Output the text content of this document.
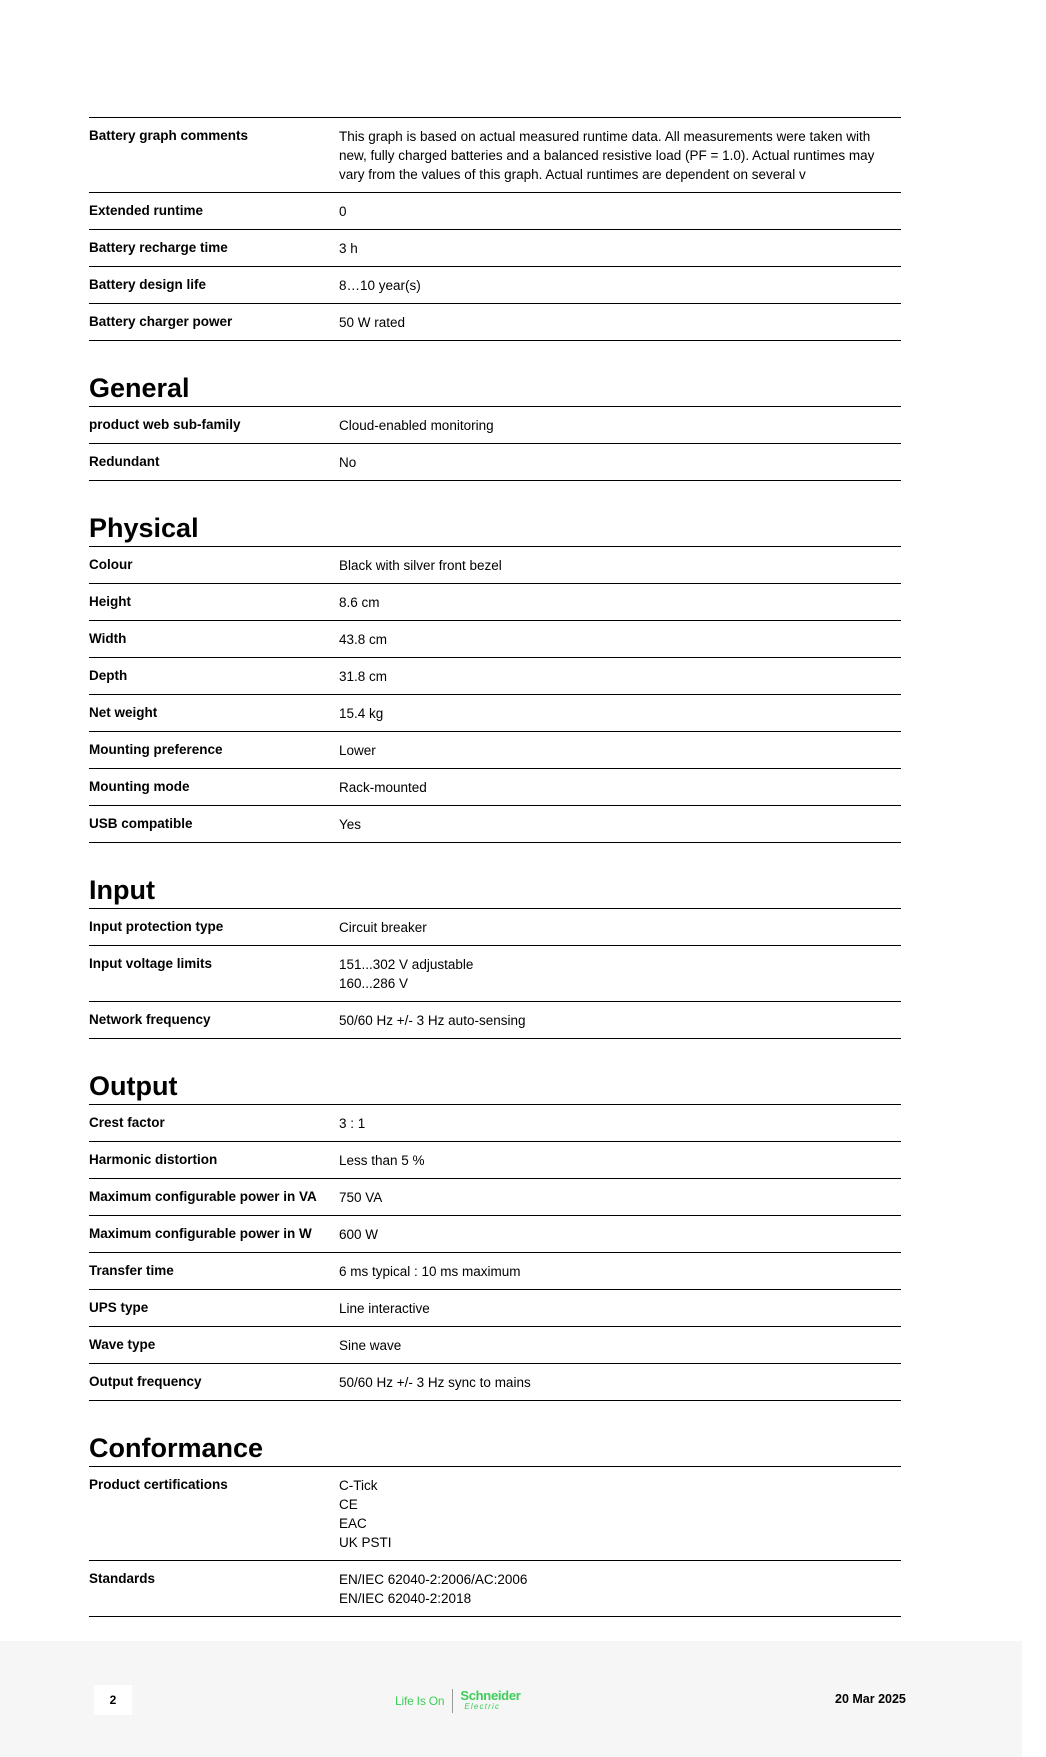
Battery graph comments	This graph is based on actual measured runtime data. All measurements were taken with new, fully charged batteries and a balanced resistive load (PF = 1.0). Actual runtimes may vary from the values of this graph. Actual runtimes are dependent on several v
Extended runtime	0
Battery recharge time	3 h
Battery design life	8…10 year(s)
Battery charger power	50 W rated
General
product web sub-family	Cloud-enabled monitoring
Redundant	No
Physical
Colour	Black with silver front bezel
Height	8.6 cm
Width	43.8 cm
Depth	31.8 cm
Net weight	15.4 kg
Mounting preference	Lower
Mounting mode	Rack-mounted
USB compatible	Yes
Input
Input protection type	Circuit breaker
Input voltage limits	151...302 V adjustable
160...286 V
Network frequency	50/60 Hz +/- 3 Hz auto-sensing
Output
Crest factor	3 : 1
Harmonic distortion	Less than 5 %
Maximum configurable power in VA	750 VA
Maximum configurable power in W	600 W
Transfer time	6 ms typical : 10 ms maximum
UPS type	Line interactive
Wave type	Sine wave
Output frequency	50/60 Hz +/- 3 Hz sync to mains
Conformance
Product certifications	C-Tick
CE
EAC
UK PSTI
Standards	EN/IEC 62040-2:2006/AC:2006
EN/IEC 62040-2:2018
2	Life Is On Schneider
Electric
20 Mar 2025
